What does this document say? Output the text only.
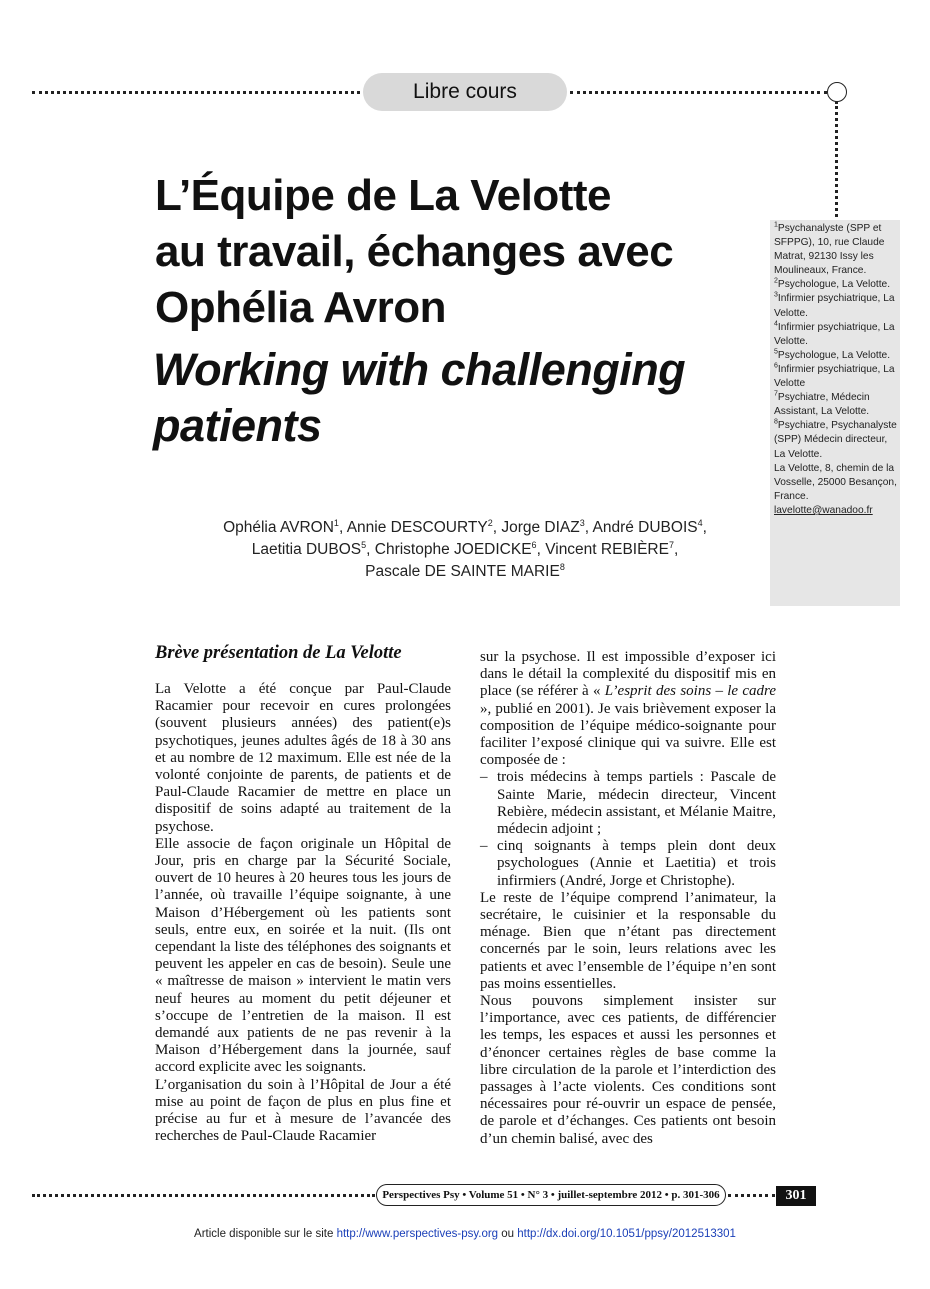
Libre cours
L’Équipe de La Velotte
au travail, échanges avec
Ophélia Avron
Working with challenging
patients
Ophélia AVRON$^1$, Annie DESCOURTY$^2$, Jorge DIAZ$^3$, André DUBOIS$^4$,
Laetitia DUBOS$^5$, Christophe JOEDICKE$^6$, Vincent REBIÈRE$^7$,
Pascale DE SAINTE MARIE$^8$
$^1$Psychanalyste (SPP et SFPPG), 10, rue Claude Matrat, 92130 Issy les Moulineaux, France.
$^2$Psychologue, La Velotte.
$^3$Infirmier psychiatrique, La Velotte.
$^4$Infirmier psychiatrique, La Velotte.
$^5$Psychologue, La Velotte.
$^6$Infirmier psychiatrique, La Velotte
$^7$Psychiatre, Médecin Assistant, La Velotte.
$^8$Psychiatre, Psychanalyste (SPP) Médecin directeur, La Velotte.
La Velotte, 8, chemin de la Vosselle, 25000 Besançon, France.
lavelotte@wanadoo.fr
Brève présentation de La Velotte

La Velotte a été conçue par Paul-Claude Racamier pour recevoir en cures prolongées (souvent plusieurs années) des patient(e)s psychotiques, jeunes adultes âgés de 18 à 30 ans et au nombre de 12 maximum. Elle est née de la volonté conjointe de parents, de patients et de Paul-Claude Racamier de mettre en place un dispositif de soins adapté au traitement de la psychose.

Elle associe de façon originale un Hôpital de Jour, pris en charge par la Sécurité Sociale, ouvert de 10 heures à 20 heures tous les jours de l’année, où travaille l’équipe soignante, à une Maison d’Hébergement où les patients sont seuls, entre eux, en soirée et la nuit. (Ils ont cependant la liste des téléphones des soignants et peuvent les appeler en cas de besoin). Seule une « maîtresse de maison » intervient le matin vers neuf heures au moment du petit déjeuner et s’occupe de l’entretien de la maison. Il est demandé aux patients de ne pas revenir à la Maison d’Hébergement dans la journée, sauf accord explicite avec les soignants.

L’organisation du soin à l’Hôpital de Jour a été mise au point de façon de plus en plus fine et précise au fur et à mesure de l’avancée des recherches de Paul-Claude Racamier

sur la psychose. Il est impossible d’exposer ici dans le détail la complexité du dispositif mis en place (se référer à « L’esprit des soins – le cadre », publié en 2001). Je vais brièvement exposer la composition de l’équipe médico-soignante pour faciliter l’exposé clinique qui va suivre. Elle est composée de :

– trois médecins à temps partiels : Pascale de Sainte Marie, médecin directeur, Vincent Rebière, médecin assistant, et Mélanie Maitre, médecin adjoint ;
– cinq soignants à temps plein dont deux psychologues (Annie et Laetitia) et trois infirmiers (André, Jorge et Christophe).

Le reste de l’équipe comprend l’animateur, la secrétaire, le cuisinier et la responsable du ménage. Bien que n’étant pas directement concernés par le soin, leurs relations avec les patients et avec l’ensemble de l’équipe n’en sont pas moins essentielles.

Nous pouvons simplement insister sur l’importance, avec ces patients, de différencier les temps, les espaces et aussi les personnes et d’énoncer certaines règles de base comme la libre circulation de la parole et l’interdiction des passages à l’acte violents. Ces conditions sont nécessaires pour ré-ouvrir un espace de pensée, de parole et d’échanges. Ces patients ont besoin d’un chemin balisé, avec des

Perspectives Psy • Volume 51 • N° 3 • juillet-septembre 2012 • p. 301-306	301
Article disponible sur le site http://www.perspectives-psy.org ou http://dx.doi.org/10.1051/ppsy/2012513301
